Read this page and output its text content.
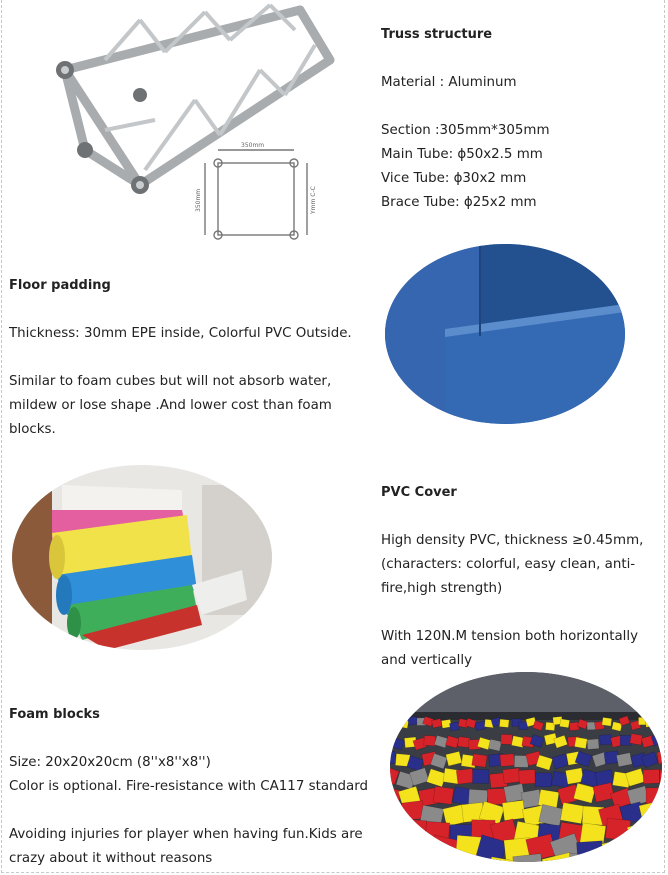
350mm
350mm	Ymm C-C

Truss structure

Material : Aluminum

Section :305mm*305mm

Main Tube: ϕ50x2.5 mm

Vice Tube: ϕ30x2 mm

Brace Tube: ϕ25x2 mm

Floor padding

Thickness: 30mm EPE inside, Colorful PVC Outside.

Similar to foam cubes but will not absorb water,

mildew or lose shape .And lower cost than foam

blocks.

PVC Cover

High density PVC, thickness ≥0.45mm,

(characters: colorful, easy clean, anti-

fire,high strength)

With 120N.M tension both horizontally

and vertically

Foam blocks

Size: 20x20x20cm (8''x8''x8'')

Color is optional. Fire-resistance with CA117 standard

Avoiding injuries for player when having fun.Kids are

crazy about it without reasons
